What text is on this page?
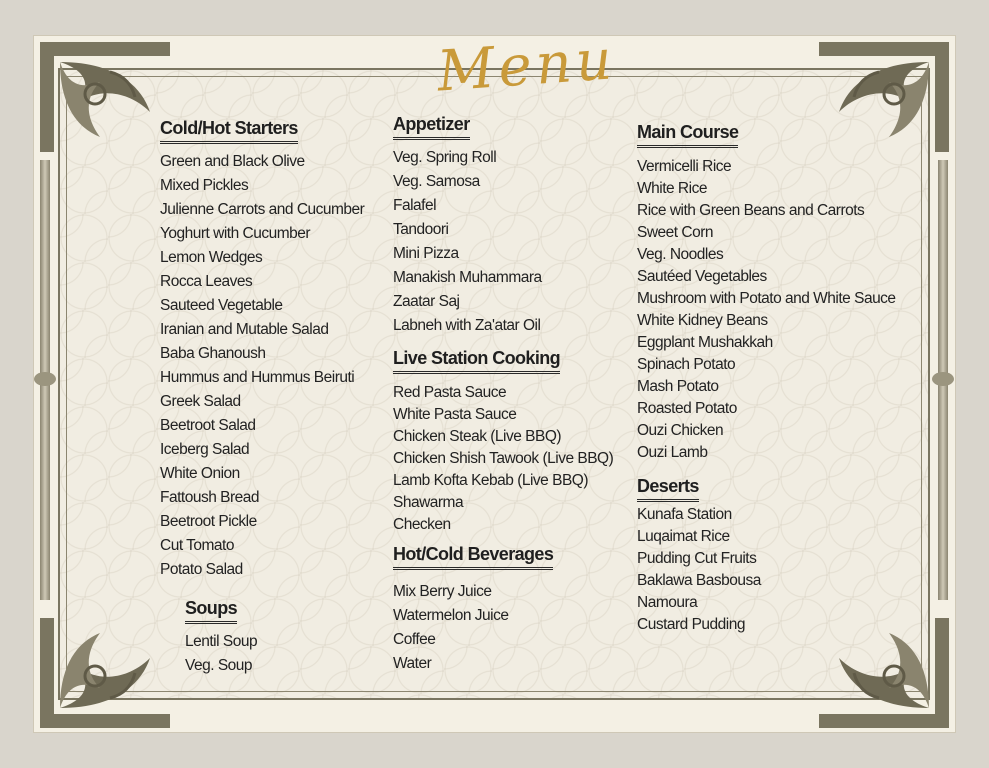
Menu
Cold/Hot Starters
Green and Black Olive
Mixed Pickles
Julienne Carrots and Cucumber
Yoghurt with Cucumber
Lemon Wedges
Rocca Leaves
Sauteed Vegetable
Iranian and Mutable Salad
Baba Ghanoush
Hummus and Hummus Beiruti
Greek Salad
Beetroot Salad
Iceberg Salad
White Onion
Fattoush Bread
Beetroot Pickle
Cut Tomato
Potato Salad
Soups
Lentil Soup
Veg. Soup
Appetizer
Veg. Spring Roll
Veg. Samosa
Falafel
Tandoori
Mini Pizza
Manakish Muhammara
Zaatar Saj
Labneh with Za'atar Oil
Live Station Cooking
Red Pasta Sauce
White Pasta Sauce
Chicken Steak (Live BBQ)
Chicken Shish Tawook (Live BBQ)
Lamb Kofta Kebab (Live BBQ)
Shawarma
Checken
Hot/Cold Beverages
Mix Berry Juice
Watermelon Juice
Coffee
Water
Main Course
Vermicelli Rice
White Rice
Rice with Green Beans and Carrots
Sweet Corn
Veg. Noodles
Sautéed Vegetables
Mushroom with Potato and White Sauce
White Kidney Beans
Eggplant Mushakkah
Spinach Potato
Mash Potato
Roasted Potato
Ouzi Chicken
Ouzi Lamb
Deserts
Kunafa Station
Luqaimat Rice
Pudding Cut Fruits
Baklawa Basbousa
Namoura
Custard Pudding
